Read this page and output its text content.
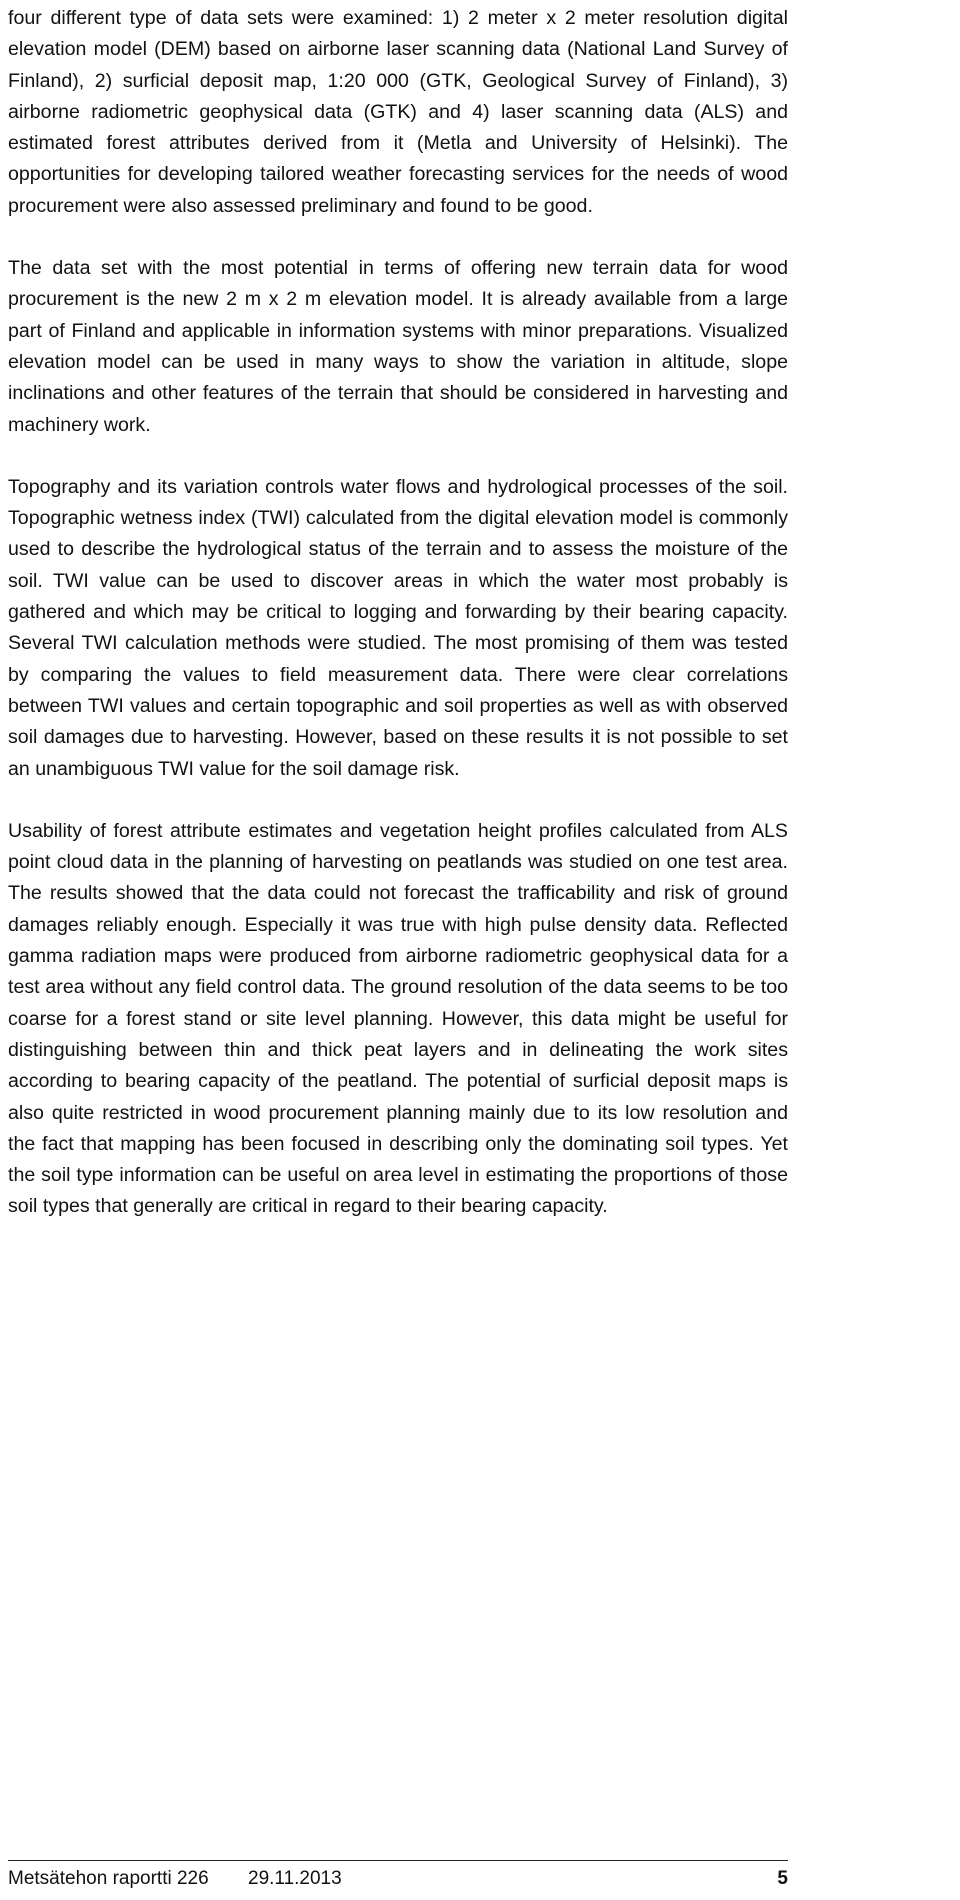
four different type of data sets were examined: 1) 2 meter x 2 meter resolution digital elevation model (DEM) based on airborne laser scanning data (National Land Survey of Finland), 2) surficial deposit map, 1:20 000 (GTK, Geological Survey of Finland), 3) airborne radiometric geophysical data (GTK) and 4) laser scanning data (ALS) and estimated forest attributes derived from it (Metla and University of Helsinki). The opportunities for developing tailored weather forecasting services for the needs of wood procurement were also assessed preliminary and found to be good.

The data set with the most potential in terms of offering new terrain data for wood procurement is the new 2 m x 2 m elevation model. It is already available from a large part of Finland and applicable in information systems with minor preparations. Visualized elevation model can be used in many ways to show the variation in altitude, slope inclinations and other features of the terrain that should be considered in harvesting and machinery work.

Topography and its variation controls water flows and hydrological processes of the soil. Topographic wetness index (TWI) calculated from the digital elevation model is commonly used to describe the hydrological status of the terrain and to assess the moisture of the soil. TWI value can be used to discover areas in which the water most probably is gathered and which may be critical to logging and forwarding by their bearing capacity. Several TWI calculation methods were studied. The most promising of them was tested by comparing the values to field measurement data. There were clear correlations between TWI values and certain topographic and soil properties as well as with observed soil damages due to harvesting. However, based on these results it is not possible to set an unambiguous TWI value for the soil damage risk.

Usability of forest attribute estimates and vegetation height profiles calculated from ALS point cloud data in the planning of harvesting on peatlands was studied on one test area. The results showed that the data could not forecast the trafficability and risk of ground damages reliably enough. Especially it was true with high pulse density data. Reflected gamma radiation maps were produced from airborne radiometric geophysical data for a test area without any field control data. The ground resolution of the data seems to be too coarse for a forest stand or site level planning. However, this data might be useful for distinguishing between thin and thick peat layers and in delineating the work sites according to bearing capacity of the peatland. The potential of surficial deposit maps is also quite restricted in wood procurement planning mainly due to its low resolution and the fact that mapping has been focused in describing only the dominating soil types. Yet the soil type information can be useful on area level in estimating the proportions of those soil types that generally are critical in regard to their bearing capacity.

Metsätehon raportti 226 29.11.2013	5
